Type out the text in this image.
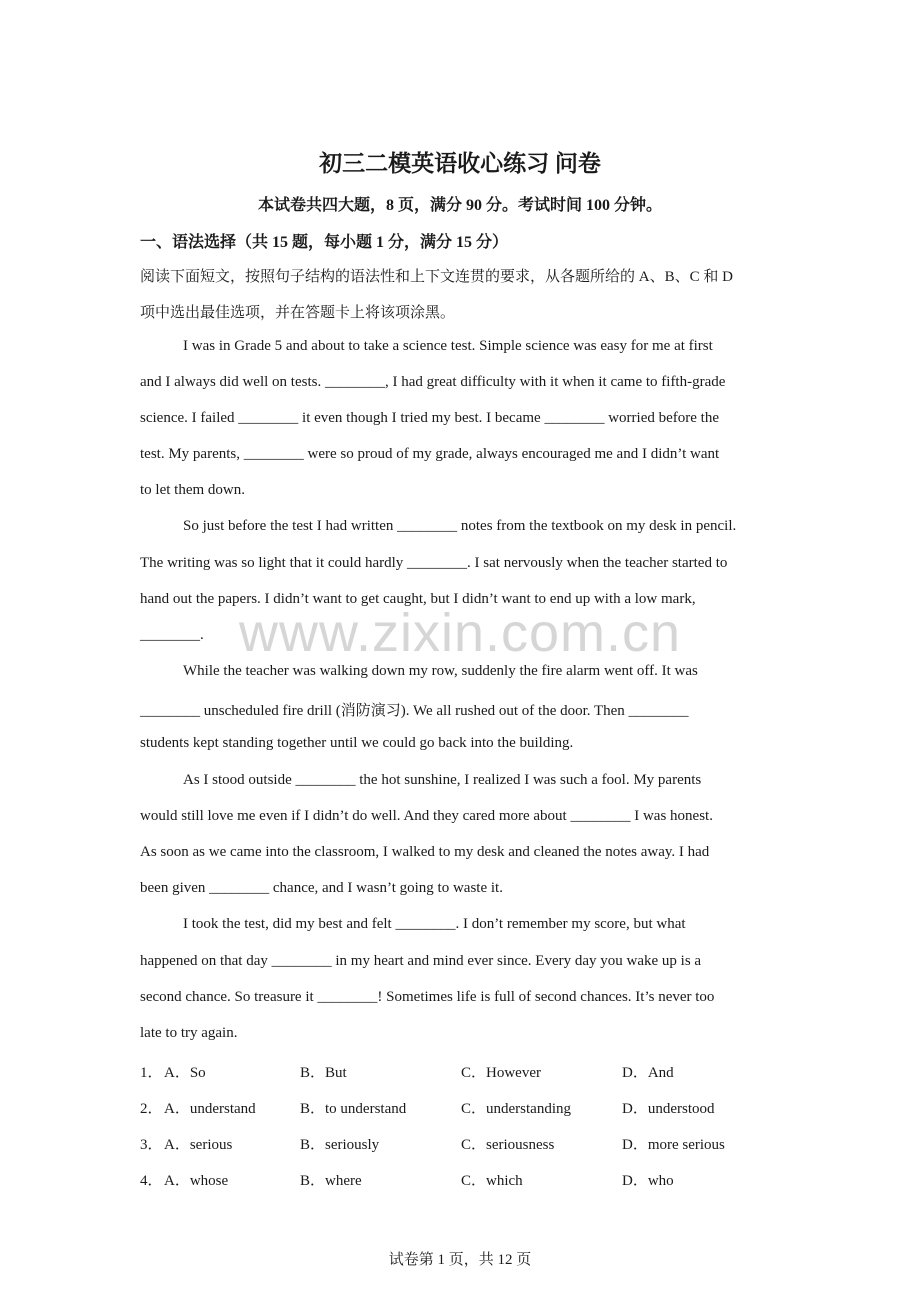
初三二模英语收心练习 问卷
本试卷共四大题，8 页，满分 90 分。考试时间 100 分钟。
一、语法选择（共 15 题，每小题 1 分，满分 15 分）
阅读下面短文，按照句子结构的语法性和上下文连贯的要求，从各题所给的 A、B、C 和 D
项中选出最佳选项，并在答题卡上将该项涂黑。
I was in Grade 5 and about to take a science test. Simple science was easy for me at first
and I always did well on tests. ________, I had great difficulty with it when it came to fifth-grade
science. I failed ________ it even though I tried my best. I became ________ worried before the
test. My parents, ________ were so proud of my grade, always encouraged me and I didn’t want
to let them down.
So just before the test I had written ________ notes from the textbook on my desk in pencil.
The writing was so light that it could hardly ________. I sat nervously when the teacher started to
hand out the papers. I didn’t want to get caught, but I didn’t want to end up with a low mark,
________.
While the teacher was walking down my row, suddenly the fire alarm went off. It was
________ unscheduled fire drill (消防演习). We all rushed out of the door. Then ________
students kept standing together until we could go back into the building.
As I stood outside ________ the hot sunshine, I realized I was such a fool. My parents
would still love me even if I didn’t do well. And they cared more about ________ I was honest.
As soon as we came into the classroom, I walked to my desk and cleaned the notes away. I had
been given ________ chance, and I wasn’t going to waste it.
I took the test, did my best and felt ________. I don’t remember my score, but what
happened on that day ________ in my heart and mind ever since. Every day you wake up is a
second chance. So treasure it ________! Sometimes life is full of second chances. It’s never too
late to try again.
www.zixin.com.cn
1． A．So	B．But	C．However	D．And
2． A．understand	B．to understand	C．understanding	D．understood
3． A．serious	B．seriously	C．seriousness	D．more serious
4． A．whose	B．where	C．which	D．who
试卷第 1 页，共 12 页
